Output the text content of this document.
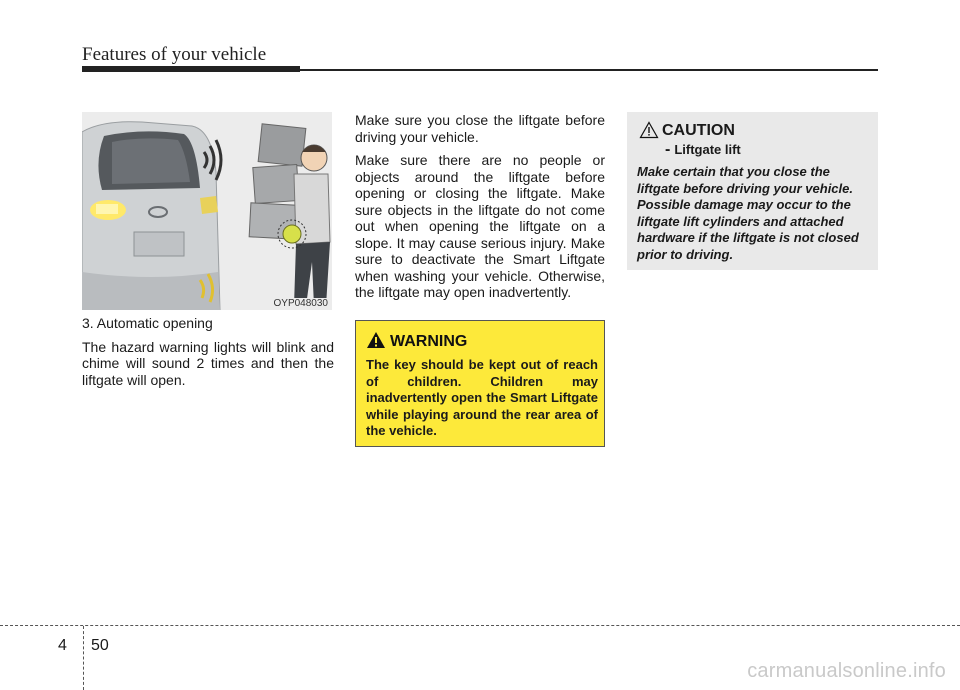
Features of your vehicle
OYP048030

3. Automatic opening

The hazard warning lights will blink and chime will sound 2 times and then the liftgate will open.

Make sure you close the liftgate before driving your vehicle.

Make sure there are no people or objects around the liftgate before opening or closing the liftgate. Make sure objects in the liftgate do not come out when opening the liftgate on a slope. It may cause serious injury. Make sure to deactivate the Smart Liftgate when washing your vehicle. Otherwise, the liftgate may open inadvertently.

WARNING
The key should be kept out of reach of children. Children may inadvertently open the Smart Liftgate while playing around the rear area of the vehicle.
CAUTION
- Liftgate lift
Make certain that you close the liftgate before driving your vehicle. Possible damage may occur to the liftgate lift cylinders and attached hardware if the liftgate is not closed prior to driving.
4 50
carmanualsonline.info
